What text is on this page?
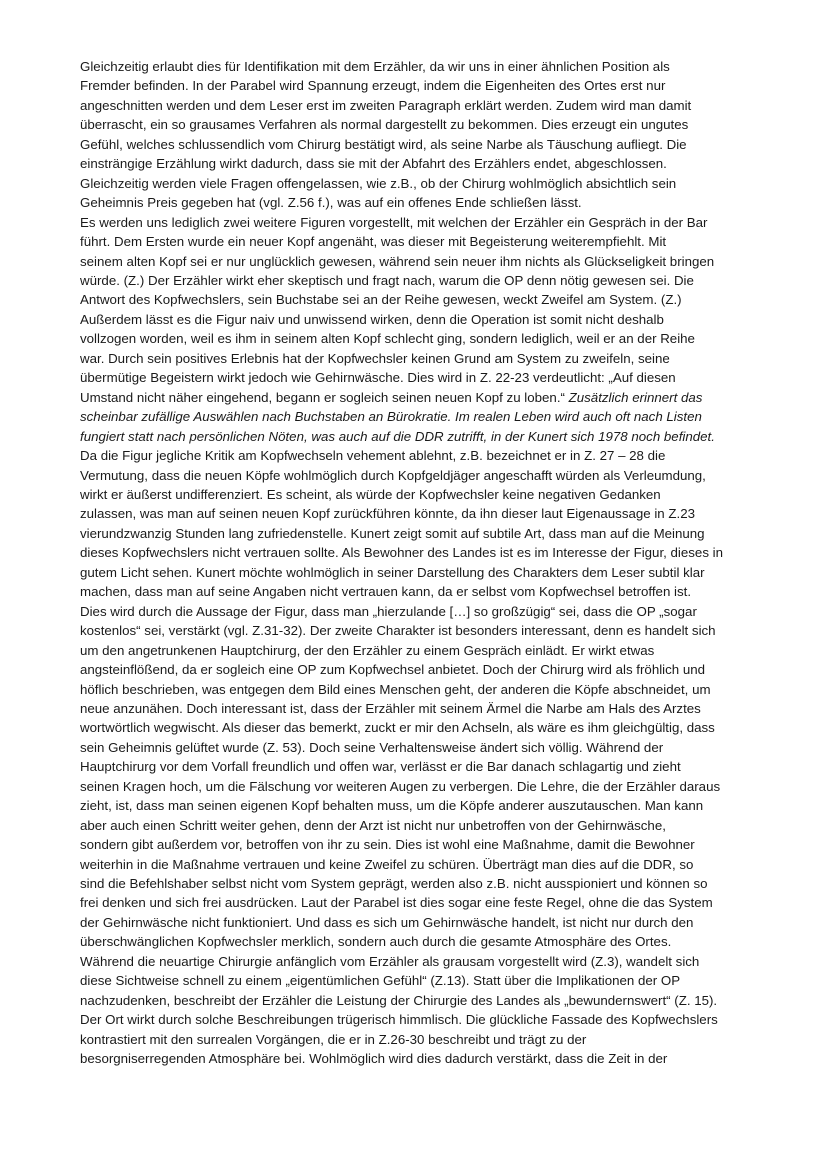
Gleichzeitig erlaubt dies für Identifikation mit dem Erzähler, da wir uns in einer ähnlichen Position als
Fremder befinden. In der Parabel wird Spannung erzeugt, indem die Eigenheiten des Ortes erst nur
angeschnitten werden und dem Leser erst im zweiten Paragraph erklärt werden. Zudem wird man damit
überrascht, ein so grausames Verfahren als normal dargestellt zu bekommen. Dies erzeugt ein ungutes
Gefühl, welches schlussendlich vom Chirurg bestätigt wird, als seine Narbe als Täuschung aufliegt. Die
einsträngige Erzählung wirkt dadurch, dass sie mit der Abfahrt des Erzählers endet, abgeschlossen.
Gleichzeitig werden viele Fragen offengelassen, wie z.B., ob der Chirurg wohlmöglich absichtlich sein
Geheimnis Preis gegeben hat (vgl. Z.56 f.), was auf ein offenes Ende schließen lässt.
Es werden uns lediglich zwei weitere Figuren vorgestellt, mit welchen der Erzähler ein Gespräch in der Bar
führt. Dem Ersten wurde ein neuer Kopf angenäht, was dieser mit Begeisterung weiterempfiehlt. Mit
seinem alten Kopf sei er nur unglücklich gewesen, während sein neuer ihm nichts als Glückseligkeit bringen
würde. (Z.) Der Erzähler wirkt eher skeptisch und fragt nach, warum die OP denn nötig gewesen sei. Die
Antwort des Kopfwechslers, sein Buchstabe sei an der Reihe gewesen, weckt Zweifel am System. (Z.)
Außerdem lässt es die Figur naiv und unwissend wirken, denn die Operation ist somit nicht deshalb
vollzogen worden, weil es ihm in seinem alten Kopf schlecht ging, sondern lediglich, weil er an der Reihe
war. Durch sein positives Erlebnis hat der Kopfwechsler keinen Grund am System zu zweifeln, seine
übermütige Begeistern wirkt jedoch wie Gehirnwäsche. Dies wird in Z. 22-23 verdeutlicht: „Auf diesen
Umstand nicht näher eingehend, begann er sogleich seinen neuen Kopf zu loben.“ Zusätzlich erinnert das
scheinbar zufällige Auswählen nach Buchstaben an Bürokratie. Im realen Leben wird auch oft nach Listen
fungiert statt nach persönlichen Nöten, was auch auf die DDR zutrifft, in der Kunert sich 1978 noch befindet.
Da die Figur jegliche Kritik am Kopfwechseln vehement ablehnt, z.B. bezeichnet er in Z. 27 – 28 die
Vermutung, dass die neuen Köpfe wohlmöglich durch Kopfgeldjäger angeschafft würden als Verleumdung,
wirkt er äußerst undifferenziert. Es scheint, als würde der Kopfwechsler keine negativen Gedanken
zulassen, was man auf seinen neuen Kopf zurückführen könnte, da ihn dieser laut Eigenaussage in Z.23
vierundzwanzig Stunden lang zufriedenstelle. Kunert zeigt somit auf subtile Art, dass man auf die Meinung
dieses Kopfwechslers nicht vertrauen sollte. Als Bewohner des Landes ist es im Interesse der Figur, dieses in
gutem Licht sehen. Kunert möchte wohlmöglich in seiner Darstellung des Charakters dem Leser subtil klar
machen, dass man auf seine Angaben nicht vertrauen kann, da er selbst vom Kopfwechsel betroffen ist.
Dies wird durch die Aussage der Figur, dass man „hierzulande […] so großzügig“ sei, dass die OP „sogar
kostenlos“ sei, verstärkt (vgl. Z.31-32). Der zweite Charakter ist besonders interessant, denn es handelt sich
um den angetrunkenen Hauptchirurg, der den Erzähler zu einem Gespräch einlädt. Er wirkt etwas
angsteinflößend, da er sogleich eine OP zum Kopfwechsel anbietet. Doch der Chirurg wird als fröhlich und
höflich beschrieben, was entgegen dem Bild eines Menschen geht, der anderen die Köpfe abschneidet, um
neue anzunähen. Doch interessant ist, dass der Erzähler mit seinem Ärmel die Narbe am Hals des Arztes
wortwörtlich wegwischt. Als dieser das bemerkt, zuckt er mir den Achseln, als wäre es ihm gleichgültig, dass
sein Geheimnis gelüftet wurde (Z. 53). Doch seine Verhaltensweise ändert sich völlig. Während der
Hauptchirurg vor dem Vorfall freundlich und offen war, verlässt er die Bar danach schlagartig und zieht
seinen Kragen hoch, um die Fälschung vor weiteren Augen zu verbergen. Die Lehre, die der Erzähler daraus
zieht, ist, dass man seinen eigenen Kopf behalten muss, um die Köpfe anderer auszutauschen. Man kann
aber auch einen Schritt weiter gehen, denn der Arzt ist nicht nur unbetroffen von der Gehirnwäsche,
sondern gibt außerdem vor, betroffen von ihr zu sein. Dies ist wohl eine Maßnahme, damit die Bewohner
weiterhin in die Maßnahme vertrauen und keine Zweifel zu schüren. Überträgt man dies auf die DDR, so
sind die Befehlshaber selbst nicht vom System geprägt, werden also z.B. nicht ausspioniert und können so
frei denken und sich frei ausdrücken. Laut der Parabel ist dies sogar eine feste Regel, ohne die das System
der Gehirnwäsche nicht funktioniert. Und dass es sich um Gehirnwäsche handelt, ist nicht nur durch den
überschwänglichen Kopfwechsler merklich, sondern auch durch die gesamte Atmosphäre des Ortes.
Während die neuartige Chirurgie anfänglich vom Erzähler als grausam vorgestellt wird (Z.3), wandelt sich
diese Sichtweise schnell zu einem „eigentümlichen Gefühl“ (Z.13). Statt über die Implikationen der OP
nachzudenken, beschreibt der Erzähler die Leistung der Chirurgie des Landes als „bewundernswert“ (Z. 15).
Der Ort wirkt durch solche Beschreibungen trügerisch himmlisch. Die glückliche Fassade des Kopfwechslers
kontrastiert mit den surrealen Vorgängen, die er in Z.26-30 beschreibt und trägt zu der
besorgniserregenden Atmosphäre bei. Wohlmöglich wird dies dadurch verstärkt, dass die Zeit in der
